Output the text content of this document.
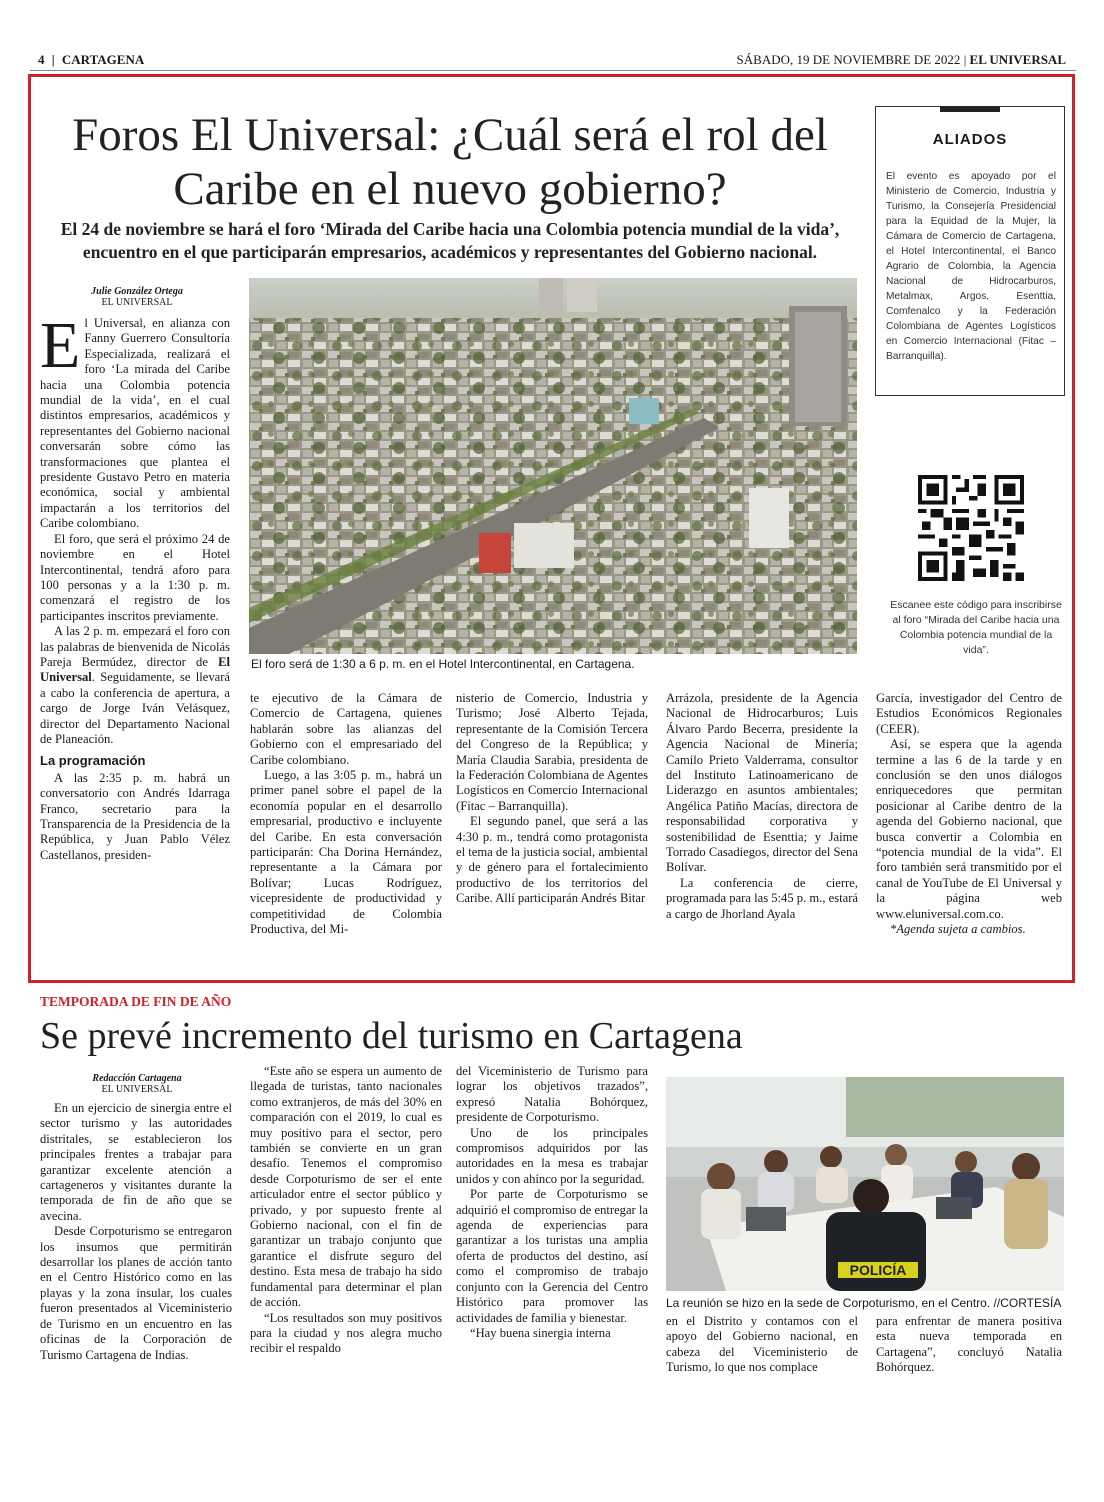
4 | CARTAGENA	SÁBADO, 19 DE NOVIEMBRE DE 2022 | EL UNIVERSAL
Foros El Universal: ¿Cuál será el rol del Caribe en el nuevo gobierno?
El 24 de noviembre se hará el foro ‘Mirada del Caribe hacia una Colombia potencia mundial de la vida’, encuentro en el que participarán empresarios, académicos y representantes del Gobierno nacional.
ALIADOS

El evento es apoyado por el Ministerio de Comercio, Industria y Turismo, la Consejería Presidencial para la Equidad de la Mujer, la Cámara de Comercio de Cartagena, el Hotel Intercontinental, el Banco Agrario de Colombia, la Agencia Nacional de Hidrocarburos, Metalmax, Argos, Esenttia, Comfenalco y la Federación Colombiana de Agentes Logísticos en Comercio Internacional (Fitac – Barranquilla).

Escanee este código para inscribirse al foro “Mirada del Caribe hacia una Colombia potencia mundial de la vida”.
Julie González Ortega
EL UNIVERSAL

El Universal, en alianza con Fanny Guerrero Consultoría Especializada, realizará el foro ‘La mirada del Caribe hacia una Colombia potencia mundial de la vida’, en el cual distintos empresarios, académicos y representantes del Gobierno nacional conversarán sobre cómo las transformaciones que plantea el presidente Gustavo Petro en materia económica, social y ambiental impactarán a los territorios del Caribe colombiano.

El foro, que será el próximo 24 de noviembre en el Hotel Intercontinental, tendrá aforo para 100 personas y a la 1:30 p. m. comenzará el registro de los participantes inscritos previamente.

A las 2 p. m. empezará el foro con las palabras de bienvenida de Nicolás Pareja Bermúdez, director de El Universal. Seguidamente, se llevará a cabo la conferencia de apertura, a cargo de Jorge Iván Velásquez, director del Departamento Nacional de Planeación.

La programación

A las 2:35 p. m. habrá un conversatorio con Andrés Idarraga Franco, secretario para la Transparencia de la Presidencia de la República, y Juan Pablo Vélez Castellanos, presiden-

El foro será de 1:30 a 6 p. m. en el Hotel Intercontinental, en Cartagena.

te ejecutivo de la Cámara de Comercio de Cartagena, quienes hablarán sobre las alianzas del Gobierno con el empresariado del Caribe colombiano.

Luego, a las 3:05 p. m., habrá un primer panel sobre el papel de la economía popular en el desarrollo empresarial, productivo e incluyente del Caribe. En esta conversación participarán: Cha Dorina Hernández, representante a la Cámara por Bolívar; Lucas Rodríguez, vicepresidente de productividad y competitividad de Colombia Productiva, del Mi-

nisterio de Comercio, Industria y Turismo; José Alberto Tejada, representante de la Comisión Tercera del Congreso de la República; y María Claudia Sarabia, presidenta de la Federación Colombiana de Agentes Logísticos en Comercio Internacional (Fitac – Barranquilla).

El segundo panel, que será a las 4:30 p. m., tendrá como protagonista el tema de la justicia social, ambiental y de género para el fortalecimiento productivo de los territorios del Caribe. Allí participarán Andrés Bitar

Arrázola, presidente de la Agencia Nacional de Hidrocarburos; Luis Álvaro Pardo Becerra, presidente la Agencia Nacional de Minería; Camilo Prieto Valderrama, consultor del Instituto Latinoamericano de Liderazgo en asuntos ambientales; Angélica Patiño Macías, directora de responsabilidad corporativa y sostenibilidad de Esenttia; y Jaime Torrado Casadiegos, director del Sena Bolívar.

La conferencia de cierre, programada para las 5:45 p. m., estará a cargo de Jhorland Ayala

García, investigador del Centro de Estudios Económicos Regionales (CEER).

Así, se espera que la agenda termine a las 6 de la tarde y en conclusión se den unos diálogos enriquecedores que permitan posicionar al Caribe dentro de la agenda del Gobierno nacional, que busca convertir a Colombia en “potencia mundial de la vida”. El foro también será transmitido por el canal de YouTube de El Universal y la página web www.eluniversal.com.co.

*Agenda sujeta a cambios.

TEMPORADA DE FIN DE AÑO
Se prevé incremento del turismo en Cartagena
Redacción Cartagena
EL UNIVERSAL

En un ejercicio de sinergia entre el sector turismo y las autoridades distritales, se establecieron los principales frentes a trabajar para garantizar excelente atención a cartageneros y visitantes durante la temporada de fin de año que se avecina.

Desde Corpoturismo se entregaron los insumos que permitirán desarrollar los planes de acción tanto en el Centro Histórico como en las playas y la zona insular, los cuales fueron presentados al Viceministerio de Turismo en un encuentro en las oficinas de la Corporación de Turismo Cartagena de Indias.

“Este año se espera un aumento de llegada de turistas, tanto nacionales como extranjeros, de más del 30% en comparación con el 2019, lo cual es muy positivo para el sector, pero también se convierte en un gran desafío. Tenemos el compromiso desde Corpoturismo de ser el ente articulador entre el sector público y privado, y por supuesto frente al Gobierno nacional, con el fin de garantizar un trabajo conjunto que garantice el disfrute seguro del destino. Esta mesa de trabajo ha sido fundamental para determinar el plan de acción.

“Los resultados son muy positivos para la ciudad y nos alegra mucho recibir el respaldo

del Viceministerio de Turismo para lograr los objetivos trazados”, expresó Natalia Bohórquez, presidente de Corpoturismo.

Uno de los principales compromisos adquiridos por las autoridades en la mesa es trabajar unidos y con ahínco por la seguridad.

Por parte de Corpoturismo se adquirió el compromiso de entregar la agenda de experiencias para garantizar a los turistas una amplia oferta de productos del destino, así como el compromiso de trabajo conjunto con la Gerencia del Centro Histórico para promover las actividades de familia y bienestar.

“Hay buena sinergia interna

POLICÍA
La reunión se hizo en la sede de Corpoturismo, en el Centro. //CORTESÍA

en el Distrito y contamos con el apoyo del Gobierno nacional, en cabeza del Viceministerio de Turismo, lo que nos complace

para enfrentar de manera positiva esta nueva temporada en Cartagena”, concluyó Natalia Bohórquez.
